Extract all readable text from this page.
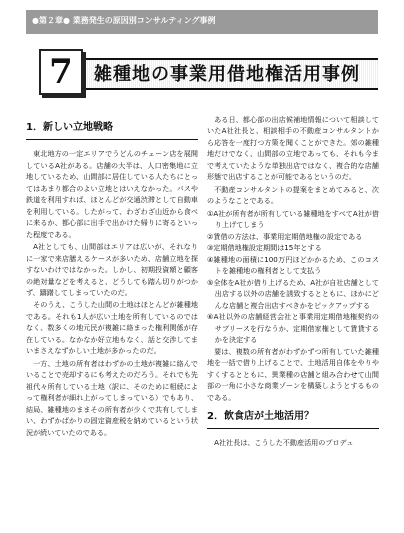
●第２章● 業務発生の原因別コンサルティング事例
7	雑種地の事業用借地権活用事例
1．新しい立地戦略

東北地方の一定エリアでうどんのチェーン店を展開しているA社がある。店舗の大半は、人口密集地に立地しているため、山間部に居住している人たちにとってはあまり都合のよい立地とはいえなかった。バスや鉄道を利用すれば、ほとんどが交通渋滞として自動車を利用している。したがって、わざわざ山近から食べに来るか、都心部に出手で出かけた帰りに寄るといった程度である。

A社としても、山間部はエリアは広いが、それなりに一家で来店膳えるケースが多いため、店舗立地を探すないわけではなかった。しかし、初期投資額と顧客の絶対量などを考えると、どうしても踏ん切りがつかず、躊躇してしまっていたのだ。

そのうえ、こうした山間の土地はほとんどが雑種地である。それも1人が広い土地を所有しているのではなく、数多くの地元民が複雑に絡まった権利関係が存在している。なかなか好立地もなく、話と交渉してまいまさえなずかしい土地が多かったのだ。

一方、土地の所有者はわずかの土地が複雑に絡んでいることで売却するにも考えたのだろう。それでも先祖代々所有している土地（訳に、そのために相続によって権利者が細れ上がってしまっている）でもあり、結局、雑種地のままその所有者が少くで共有してしまい、わずかばかりの固定資産税を納めているという状況が続いていたのである。

ある日、都心部の出店候補地情報について相談していたA社社長と、相談相手の不動産コンサルタントから応答を一度打つ方策を聞くことができた。郊の雑種地だけでなく、山間部の立地であっても、それも今まで考えていたような単独出店ではなく、複合的な店舗形態で出店することが可能であるというのだ。

不動産コンサルタントの提案をまとめてみると、次のようなことである。

①A社が所有者が所有している雑種地をすべてA社が借り上げてしまう

②賃借の方法は、事業用定期借地権の設定である

③定期借地権設定期間は15年とする

④雑種地の面積に100万円ほどかかるため、このコストを雑種地の権利者として支払う

⑤全体をA社が借り上げるため、A社が自社店舗として出店する以外の店舗を誘致するとともに、ほかにどんな店舗と複合出店すべきかをピックアップする

⑥A社以外の店舗経営会社と事業用定期借地権契約のサブリースを行なうか、定期借家権として賃貸するかを決定する

要は、複数の所有者がわずかずつ所有していた雑種地を一括で借り上げることで、土地活用自体をやりやすくするとともに、異業種の店舗と組み合わせて山間部の一角に小さな商業ゾーンを構築しようとするものである。

2．飲食店が土地活用？

A社社長は、こうした不動産活用のプロデュ
